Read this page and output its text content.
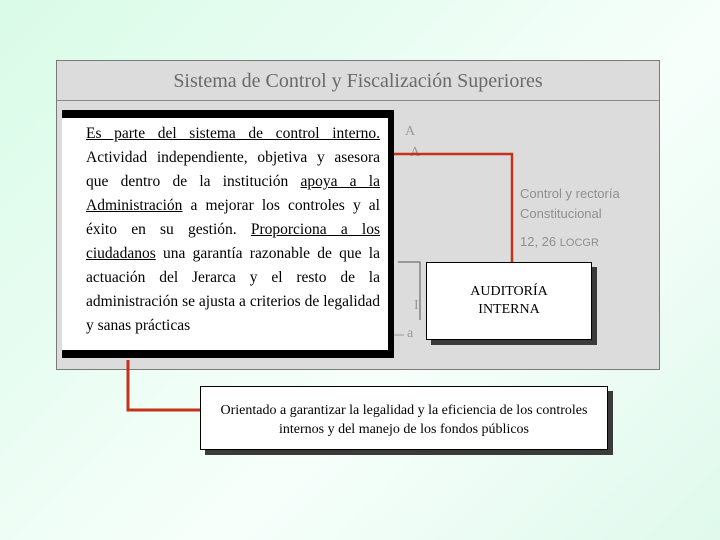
Sistema de Control y Fiscalización Superiores
A
A
I
a
Control y rectoría
Constitucional
12, 26 LOCGR
AUDITORÍA
INTERNA
Orientado a garantizar la legalidad y la eficiencia de los controles internos y del manejo de los fondos públicos

Es parte del sistema de control interno. Actividad independiente, objetiva y asesora que dentro de la institución apoya a la Administración a mejorar los controles y al éxito en su gestión. Proporciona a los ciudadanos una garantía razonable de que la actuación del Jerarca y el resto de la administración se ajusta a criterios de legalidad y sanas prácticas
